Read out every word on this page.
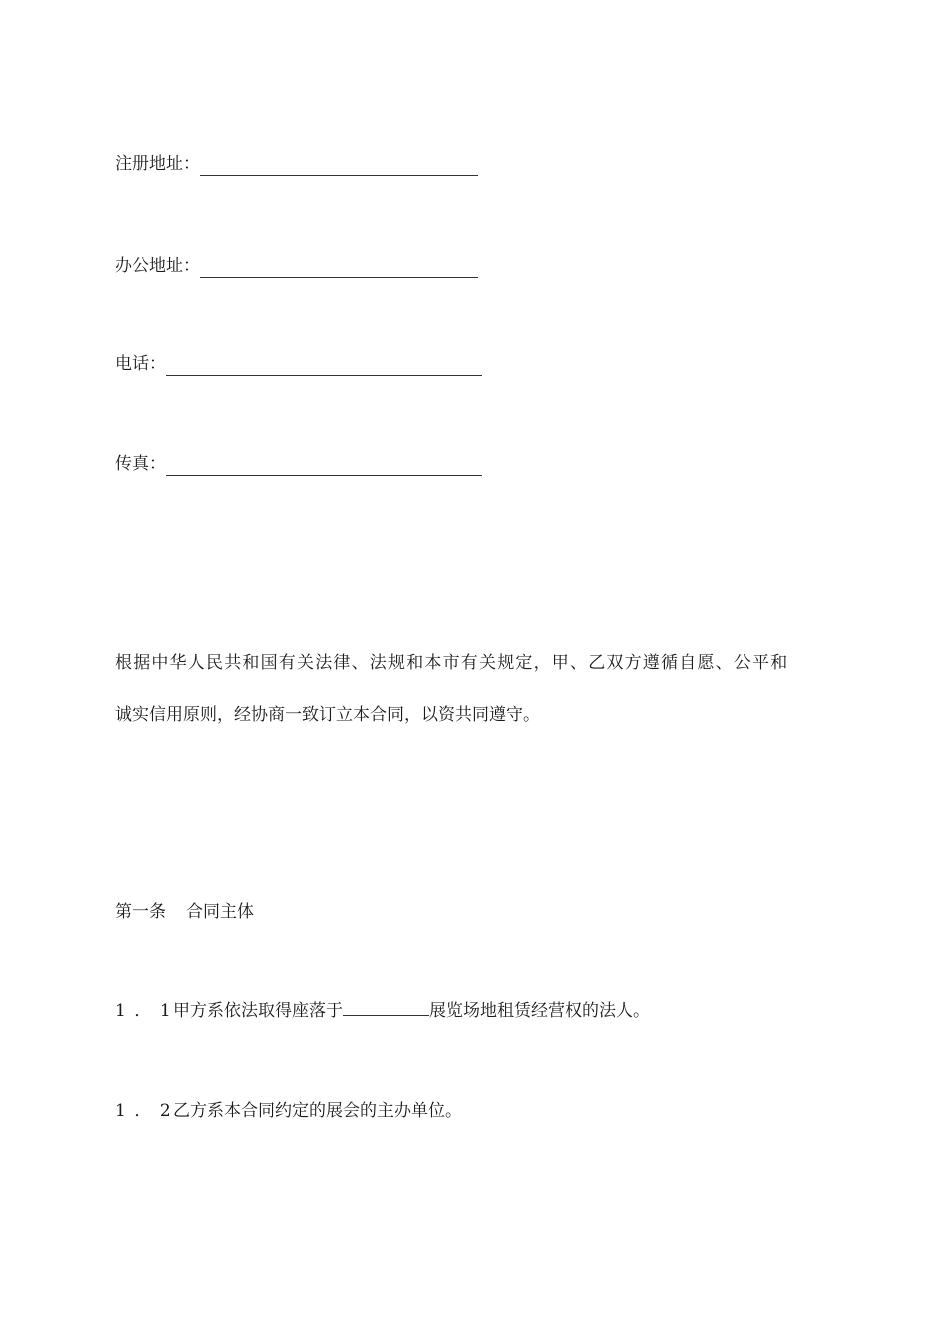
注册地址：
办公地址：
电话：
传真：
根据中华人民共和国有关法律、法规和本市有关规定，甲、乙双方遵循自愿、公平和
诚实信用原则，经协商一致订立本合同，以资共同遵守。
第一条 合同主体
1．1甲方系依法取得座落于	展览场地租赁经营权的法人。
1．2乙方系本合同约定的展会的主办单位。
